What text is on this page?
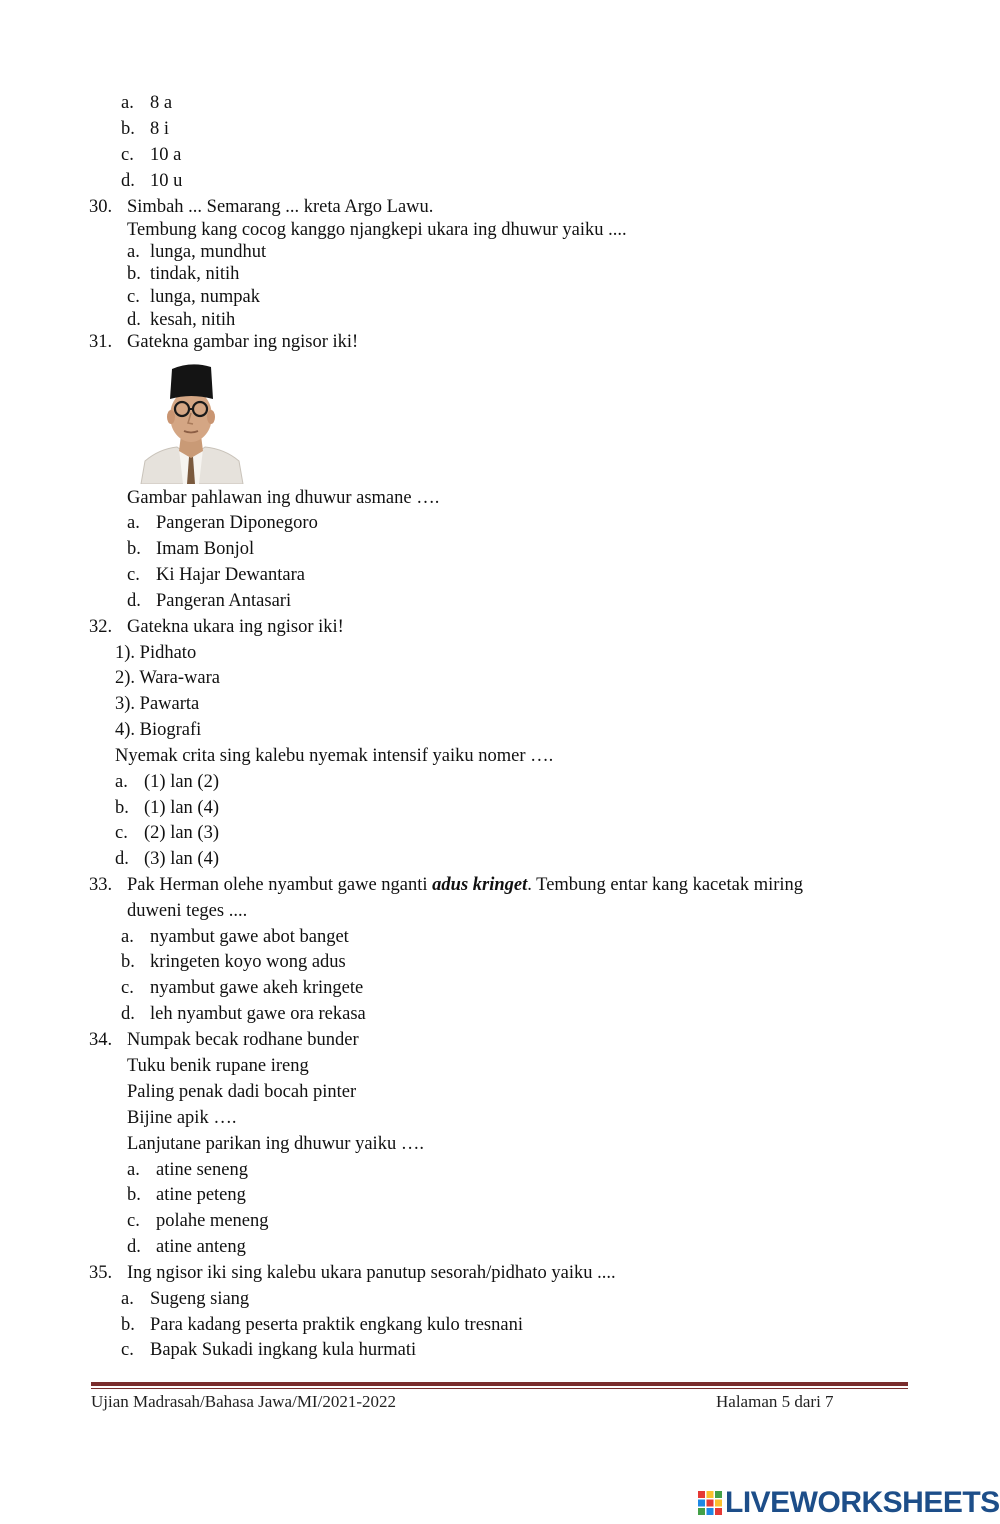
a. 8 a
b. 8 i
c. 10 a
d. 10 u
30. Simbah ... Semarang ... kreta Argo Lawu.
Tembung kang cocog kanggo njangkepi ukara ing dhuwur yaiku ....
a. lunga, mundhut
b. tindak, nitih
c. lunga, numpak
d. kesah, nitih
31. Gatekna gambar ing ngisor iki!
Gambar pahlawan ing dhuwur asmane ….
a. Pangeran Diponegoro
b. Imam Bonjol
c. Ki Hajar Dewantara
d. Pangeran Antasari
32. Gatekna ukara ing ngisor iki!
1). Pidhato
2). Wara-wara
3). Pawarta
4). Biografi
Nyemak crita sing kalebu nyemak intensif yaiku nomer ….
a. (1) lan (2)
b. (1) lan (4)
c. (2) lan (3)
d. (3) lan (4)
33. Pak Herman olehe nyambut gawe nganti adus kringet. Tembung entar kang kacetak miring
duweni teges ....
a. nyambut gawe abot banget
b. kringeten koyo wong adus
c. nyambut gawe akeh kringete
d. leh nyambut gawe ora rekasa
34. Numpak becak rodhane bunder
Tuku benik rupane ireng
Paling penak dadi bocah pinter
Bijine apik ….
Lanjutane parikan ing dhuwur yaiku ….
a. atine seneng
b. atine peteng
c. polahe meneng
d. atine anteng
35. Ing ngisor iki sing kalebu ukara panutup sesorah/pidhato yaiku ....
a. Sugeng siang
b. Para kadang peserta praktik engkang kulo tresnani
c. Bapak Sukadi ingkang kula hurmati
Ujian Madrasah/Bahasa Jawa/MI/2021-2022	Halaman 5 dari 7
LIVEWORKSHEETS
